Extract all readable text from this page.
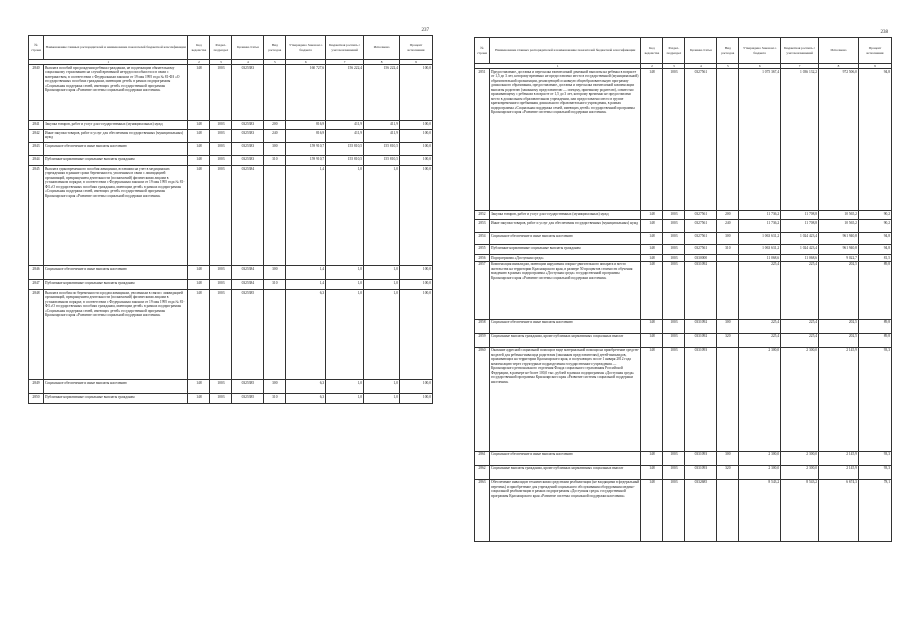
237
№ строки	Наименование главных распорядителей и наименование показателей бюджетной классификации	Код ведомства	Раздел-подраздел	Целевая статья	Вид расходов	Утверждено Законом о бюджете	Бюджетная роспись с учетом изменений	Исполнено	Процент исполнения
1		2	3	4	5	6	7	8	9
2840	Выплата пособий при рождении ребенка гражданам, не подлежащим обязательному социальному страхованию на случай временной нетрудоспособности и в связи с материнством, в соответствии с Федеральным законом от 19 мая 1995 года № 81-ФЗ «О государственных пособиях гражданам, имеющим детей» в рамках подпрограммы «Социальная поддержка семей, имеющих детей» государственной программы Красноярского края «Развитие системы социальной поддержки населения»	148	1003	0325383		160 727,6	156 222,4	156 222,4	100,0
2841	Закупка товаров, работ и услуг для государственных (муниципальных) нужд	148	1003	0325383	200	816,9	411,9	411,9	100,0
2842	Иные закупки товаров, работ и услуг для обеспечения государственных (муниципальных) нужд	148	1003	0325383	240	816,9	411,9	411,9	100,0
2843	Социальное обеспечение и иные выплаты населению	148	1003	0325383	300	159 910,7	155 810,5	155 810,5	100,0
2844	Публичные нормативные социальные выплаты гражданам	148	1003	0325383	310	159 910,7	155 810,5	155 810,5	100,0
2845	Выплата единовременного пособия женщинам, вставшим на учет в медицинских учреждениях в ранние сроки беременности, уволенным в связи с ликвидацией организаций, прекращением деятельности (полномочий) физическими лицами в установленном порядке, в соответствии с Федеральным законом от 19 мая 1995 года № 81-ФЗ «О государственных пособиях гражданам, имеющим детей» в рамках подпрограммы «Социальная поддержка семей, имеющих детей» государственной программы Красноярского края «Развитие системы социальной поддержки населения»	148	1003	0325384		1,4	1,0	1,0	100,0
2846	Социальное обеспечение и иные выплаты населению	148	1003	0325384	300	1,4	1,0	1,0	100,0
2847	Публичные нормативные социальные выплаты гражданам	148	1003	0325384	310	1,4	1,0	1,0	100,0
2848	Выплата пособия по беременности и родам женщинам, уволенным в связи с ликвидацией организаций, прекращением деятельности (полномочий) физическими лицами в установленном порядке, в соответствии с Федеральным законом от 19 мая 1995 года № 81-ФЗ «О государственных пособиях гражданам, имеющим детей» в рамках подпрограммы «Социальная поддержка семей, имеющих детей» государственной программы Красноярского края «Развитие системы социальной поддержки населения»	148	1003	0325385		6,3	1,0	1,0	100,0
2849	Социальное обеспечение и иные выплаты населению	148	1003	0325385	300	6,3	1,0	1,0	100,0
2850	Публичные нормативные социальные выплаты гражданам	148	1003	0325385	310	6,3	1,0	1,0	100,0
238
№ строки	Наименование главных распорядителей и наименование показателей бюджетной классификации	Код ведомства	Раздел-подраздел	Целевая статья	Вид расходов	Утверждено Законом о бюджете	Бюджетная роспись с учетом изменений	Исполнено	Процент исполнения
1		2	3	4	5	6	7	8	9
2851	Предоставление, доставка и пересылка ежемесячной денежной выплаты на ребенка в возрасте от 1,5 до 3 лет, которому временно не предоставлено место в государственной (муниципальной) образовательной организации, реализующей основную общеобразовательную программу дошкольного образования, предоставление, доставка и пересылка ежемесячной компенсации выплаты родителю (законному представителю — опекуну, приемному родителю), совместно проживающему с ребенком в возрасте от 1,5 до 3 лет, которому временно не предоставлено место в дошкольном образовательном учреждении, или предоставлено место в группе кратковременного пребывания дошкольного образовательного учреждения, в рамках подпрограммы «Социальная поддержка семей, имеющих детей» государственной программы Красноярского края «Развитие системы социальной поддержки населения»	148	1003	0327561		1 075 367,4	1 036 132,2	972 506,0	94,8
2852	Закупка товаров, работ и услуг для государственных (муниципальных) нужд	148	1003	0327561	200	11 736,2	11 708,8	10 565,2	90,2
2853	Иные закупки товаров, работ и услуг для обеспечения государственных (муниципальных) нужд	148	1003	0327561	240	11 736,2	11 708,8	10 565,2	90,2
2854	Социальное обеспечение и иные выплаты населению	148	1003	0327561	300	1 063 631,2	1 024 423,4	961 940,8	94,8
2855	Публичные нормативные социальные выплаты гражданам	148	1003	0327561	310	1 063 631,2	1 024 423,4	961 940,8	94,8
2856	Подпрограмма «Доступная среда»	148	1003	0330000		11 068,6	11 068,6	9 022,7	81,5
2857	Компенсация инвалидам, имеющим нарушения опорно-двигательного аппарата и место жительства на территории Красноярского края, в размере 50 процентов стоимости обучения вождению в рамках подпрограммы «Доступная среда» государственной программы Красноярского края «Развитие системы социальной поддержки населения»	148	1003	0331092		225,4	225,4	202,5	89,8
2858	Социальное обеспечение и иные выплаты населению	148	1003	0331092	300	225,4	225,4	202,5	89,8
2859	Социальные выплаты гражданам, кроме публичных нормативных социальных выплат	148	1003	0331092	320	225,4	225,4	202,5	89,8
2860	Оказание адресной социальной помощи в виде материальной помощи на приобретение средств-моделей для ребенка-инвалида родителям (законным представителям) детей-инвалидов, проживающих на территории Красноярского края, и получающих после 1 января 2012 года компенсацию через структурные подразделения государственного учреждения — Красноярского регионального отделения Фонда социального страхования Российской Федерации, в размере не более 100,0 тыс. рублей в рамках подпрограммы «Доступная среда» государственной программы Красноярского края «Развитие системы социальной поддержки населения»	148	1003	0331093		2 300,0	2 300,0	2 145,9	93,3
2861	Социальное обеспечение и иные выплаты населению	148	1003	0331093	300	2 300,0	2 300,0	2 145,9	93,3
2862	Социальные выплаты гражданам, кроме публичных нормативных социальных выплат	148	1003	0331093	320	2 300,0	2 300,0	2 145,9	93,3
2863	Обеспечение инвалидов техническими средствами реабилитации (не входящими в федеральный перечень) и приобретение для учреждений социального обслуживания оборудования медико-социальной реабилитации в рамках подпрограммы «Доступная среда» государственной программы Красноярского края «Развитие системы социальной поддержки населения»	148	1003	0332685		8 543,2	8 543,2	6 674,3	78,1
